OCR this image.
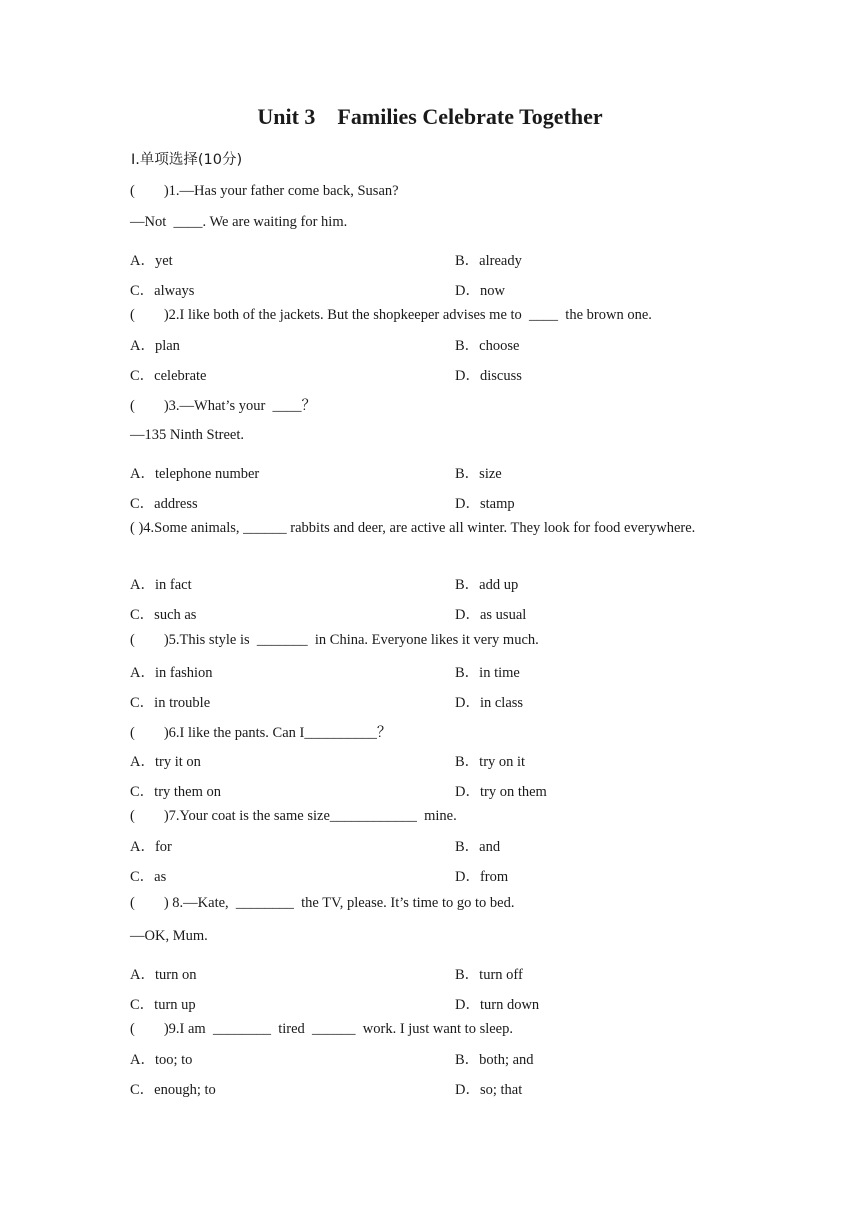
Unit 3    Families Celebrate Together
Ⅰ.单项选择(10分)
(        )1.—Has your father come back, Susan?
—Not  ____. We are waiting for him.
A．yet	B．already
C．always	D．now
(        )2.I like both of the jackets. But the shopkeeper advises me to  ____  the brown one.
A．plan	B．choose
C．celebrate	D．discuss
(        )3.—What’s your  ____？
—135 Ninth Street.
A．telephone number	B．size
C．address	D．stamp
( )4.Some animals, ______ rabbits and deer, are active all winter. They look for food everywhere.
A．in fact	B．add up
C．such as	D．as usual
(        )5.This style is  _______  in China. Everyone likes it very much.
A．in fashion	B．in time
C．in trouble	D．in class
(        )6.I like the pants. Can I__________？
A．try it on	B．try on it
C．try them on	D．try on them
(        )7.Your coat is the same size____________  mine.
A．for	B．and
C．as	D．from
(        ) 8.—Kate,  ________  the TV, please. It’s time to go to bed.
—OK, Mum.
A．turn on	B．turn off
C．turn up	D．turn down
(        )9.I am  ________  tired  ______  work. I just want to sleep.
A．too; to	B．both; and
C．enough; to	D．so; that
